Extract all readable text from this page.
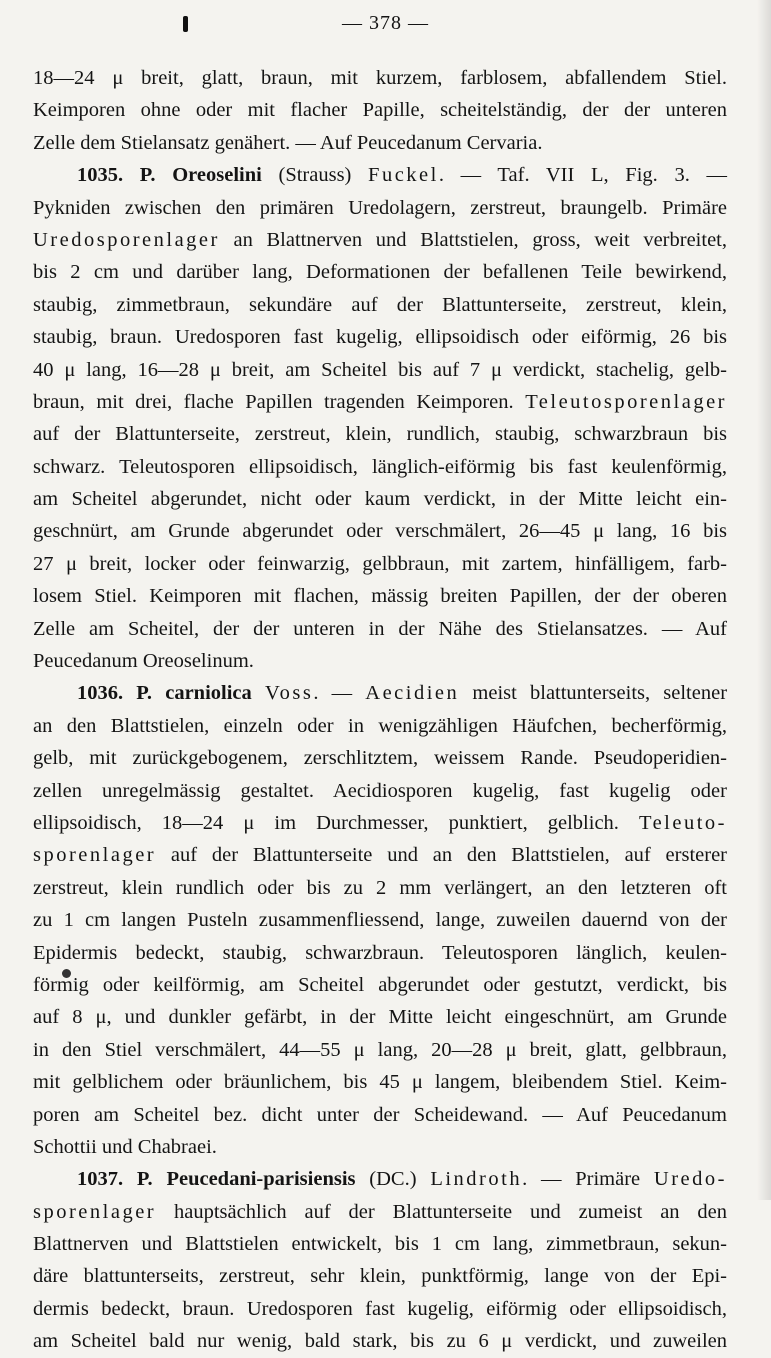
— 378 —
18—24 μ breit, glatt, braun, mit kurzem, farblosem, abfallendem Stiel.
Keimporen ohne oder mit flacher Papille, scheitelständig, der der unteren
Zelle dem Stielansatz genähert. — Auf Peucedanum Cervaria.
1035. P. Oreoselini (Strauss) Fuckel. — Taf. VII L, Fig. 3. —
Pykniden zwischen den primären Uredolagern, zerstreut, braungelb. Primäre
Uredosporenlager an Blattnerven und Blattstielen, gross, weit verbreitet,
bis 2 cm und darüber lang, Deformationen der befallenen Teile bewirkend,
staubig, zimmetbraun, sekundäre auf der Blattunterseite, zerstreut, klein,
staubig, braun. Uredosporen fast kugelig, ellipsoidisch oder eiförmig, 26 bis
40 μ lang, 16—28 μ breit, am Scheitel bis auf 7 μ verdickt, stachelig, gelb-
braun, mit drei, flache Papillen tragenden Keimporen. Teleutosporenlager
auf der Blattunterseite, zerstreut, klein, rundlich, staubig, schwarzbraun bis
schwarz. Teleutosporen ellipsoidisch, länglich-eiförmig bis fast keulenförmig,
am Scheitel abgerundet, nicht oder kaum verdickt, in der Mitte leicht ein-
geschnürt, am Grunde abgerundet oder verschmälert, 26—45 μ lang, 16 bis
27 μ breit, locker oder feinwarzig, gelbbraun, mit zartem, hinfälligem, farb-
losem Stiel. Keimporen mit flachen, mässig breiten Papillen, der der oberen
Zelle am Scheitel, der der unteren in der Nähe des Stielansatzes. — Auf
Peucedanum Oreoselinum.
1036. P. carniolica Voss. — Aecidien meist blattunterseits, seltener
an den Blattstielen, einzeln oder in wenigzähligen Häufchen, becherförmig,
gelb, mit zurückgebogenem, zerschlitztem, weissem Rande. Pseudoperidien-
zellen unregelmässig gestaltet. Aecidiosporen kugelig, fast kugelig oder
ellipsoidisch, 18—24 μ im Durchmesser, punktiert, gelblich. Teleuto-
sporenlager auf der Blattunterseite und an den Blattstielen, auf ersterer
zerstreut, klein rundlich oder bis zu 2 mm verlängert, an den letzteren oft
zu 1 cm langen Pusteln zusammenfliessend, lange, zuweilen dauernd von der
Epidermis bedeckt, staubig, schwarzbraun. Teleutosporen länglich, keulen-
förmig oder keilförmig, am Scheitel abgerundet oder gestutzt, verdickt, bis
auf 8 μ, und dunkler gefärbt, in der Mitte leicht eingeschnürt, am Grunde
in den Stiel verschmälert, 44—55 μ lang, 20—28 μ breit, glatt, gelbbraun,
mit gelblichem oder bräunlichem, bis 45 μ langem, bleibendem Stiel. Keim-
poren am Scheitel bez. dicht unter der Scheidewand. — Auf Peucedanum
Schottii und Chabraei.
1037. P. Peucedani-parisiensis (DC.) Lindroth. — Primäre Uredo-
sporenlager hauptsächlich auf der Blattunterseite und zumeist an den
Blattnerven und Blattstielen entwickelt, bis 1 cm lang, zimmetbraun, sekun-
däre blattunterseits, zerstreut, sehr klein, punktförmig, lange von der Epi-
dermis bedeckt, braun. Uredosporen fast kugelig, eiförmig oder ellipsoidisch,
am Scheitel bald nur wenig, bald stark, bis zu 6 μ verdickt, und zuweilen
